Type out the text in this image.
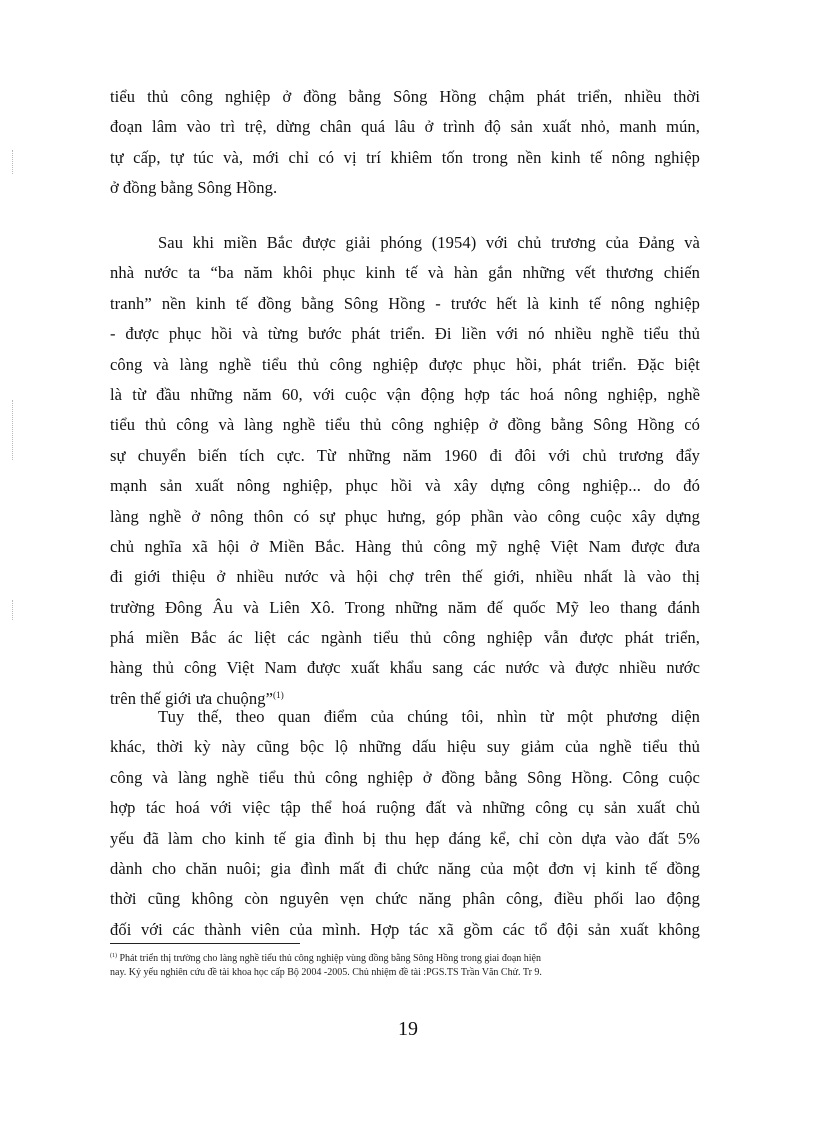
tiểu thủ công nghiệp ở đồng bằng Sông Hồng chậm phát triển, nhiều thời
đoạn lâm vào trì trệ, dừng chân quá lâu ở trình độ sản xuất nhỏ, manh mún,
tự cấp, tự túc và, mới chỉ có vị trí khiêm tốn trong nền kinh tế nông nghiệp
ở đồng bằng Sông Hồng.
Sau khi miền Bắc được giải phóng (1954) với chủ trương của Đảng và
nhà nước ta “ba năm khôi phục kinh tế và hàn gắn những vết thương chiến
tranh” nền kinh tế đồng bằng Sông Hồng - trước hết là kinh tế nông nghiệp
- được phục hồi và từng bước phát triển. Đi liền với nó nhiều nghề tiểu thủ
công và làng nghề tiểu thủ công nghiệp được phục hồi, phát triển. Đặc biệt
là từ đầu những năm 60, với cuộc vận động hợp tác hoá nông nghiệp, nghề
tiểu thủ công và làng nghề tiểu thủ công nghiệp ở đồng bằng Sông Hồng có
sự chuyển biến tích cực. Từ những năm 1960 đi đôi với chủ trương đẩy
mạnh sản xuất nông nghiệp, phục hồi và xây dựng công nghiệp... do đó
làng nghề ở nông thôn có sự phục hưng, góp phần vào công cuộc xây dựng
chủ nghĩa xã hội ở Miền Bắc. Hàng thủ công mỹ nghệ Việt Nam được đưa
đi giới thiệu ở nhiều nước và hội chợ trên thế giới, nhiều nhất là vào thị
trường Đông Âu và Liên Xô. Trong những năm đế quốc Mỹ leo thang đánh
phá miền Bắc ác liệt các ngành tiểu thủ công nghiệp vẫn được phát triển,
hàng thủ công Việt Nam được xuất khẩu sang các nước và được nhiều nước
trên thế giới ưa chuộng”$^{(1)}$
Tuy thế, theo quan điểm của chúng tôi, nhìn từ một phương diện
khác, thời kỳ này cũng bộc lộ những dấu hiệu suy giảm của nghề tiểu thủ
công và làng nghề tiểu thủ công nghiệp ở đồng bằng Sông Hồng. Công cuộc
hợp tác hoá với việc tập thể hoá ruộng đất và những công cụ sản xuất chủ
yếu đã làm cho kinh tế gia đình bị thu hẹp đáng kể, chỉ còn dựa vào đất 5%
dành cho chăn nuôi; gia đình mất đi chức năng của một đơn vị kinh tế đồng
thời cũng không còn nguyên vẹn chức năng phân công, điều phối lao động
đối với các thành viên của mình. Hợp tác xã gồm các tổ đội sản xuất không
$^{(1)}$ Phát triển thị trường cho làng nghề tiểu thủ công nghiệp vùng đồng bằng Sông Hồng trong giai đoạn hiện
nay. Kỷ yếu nghiên cứu đề tài khoa học cấp Bộ 2004 -2005. Chủ nhiệm đề tài :PGS.TS Trần Văn Chử. Tr 9.
19
